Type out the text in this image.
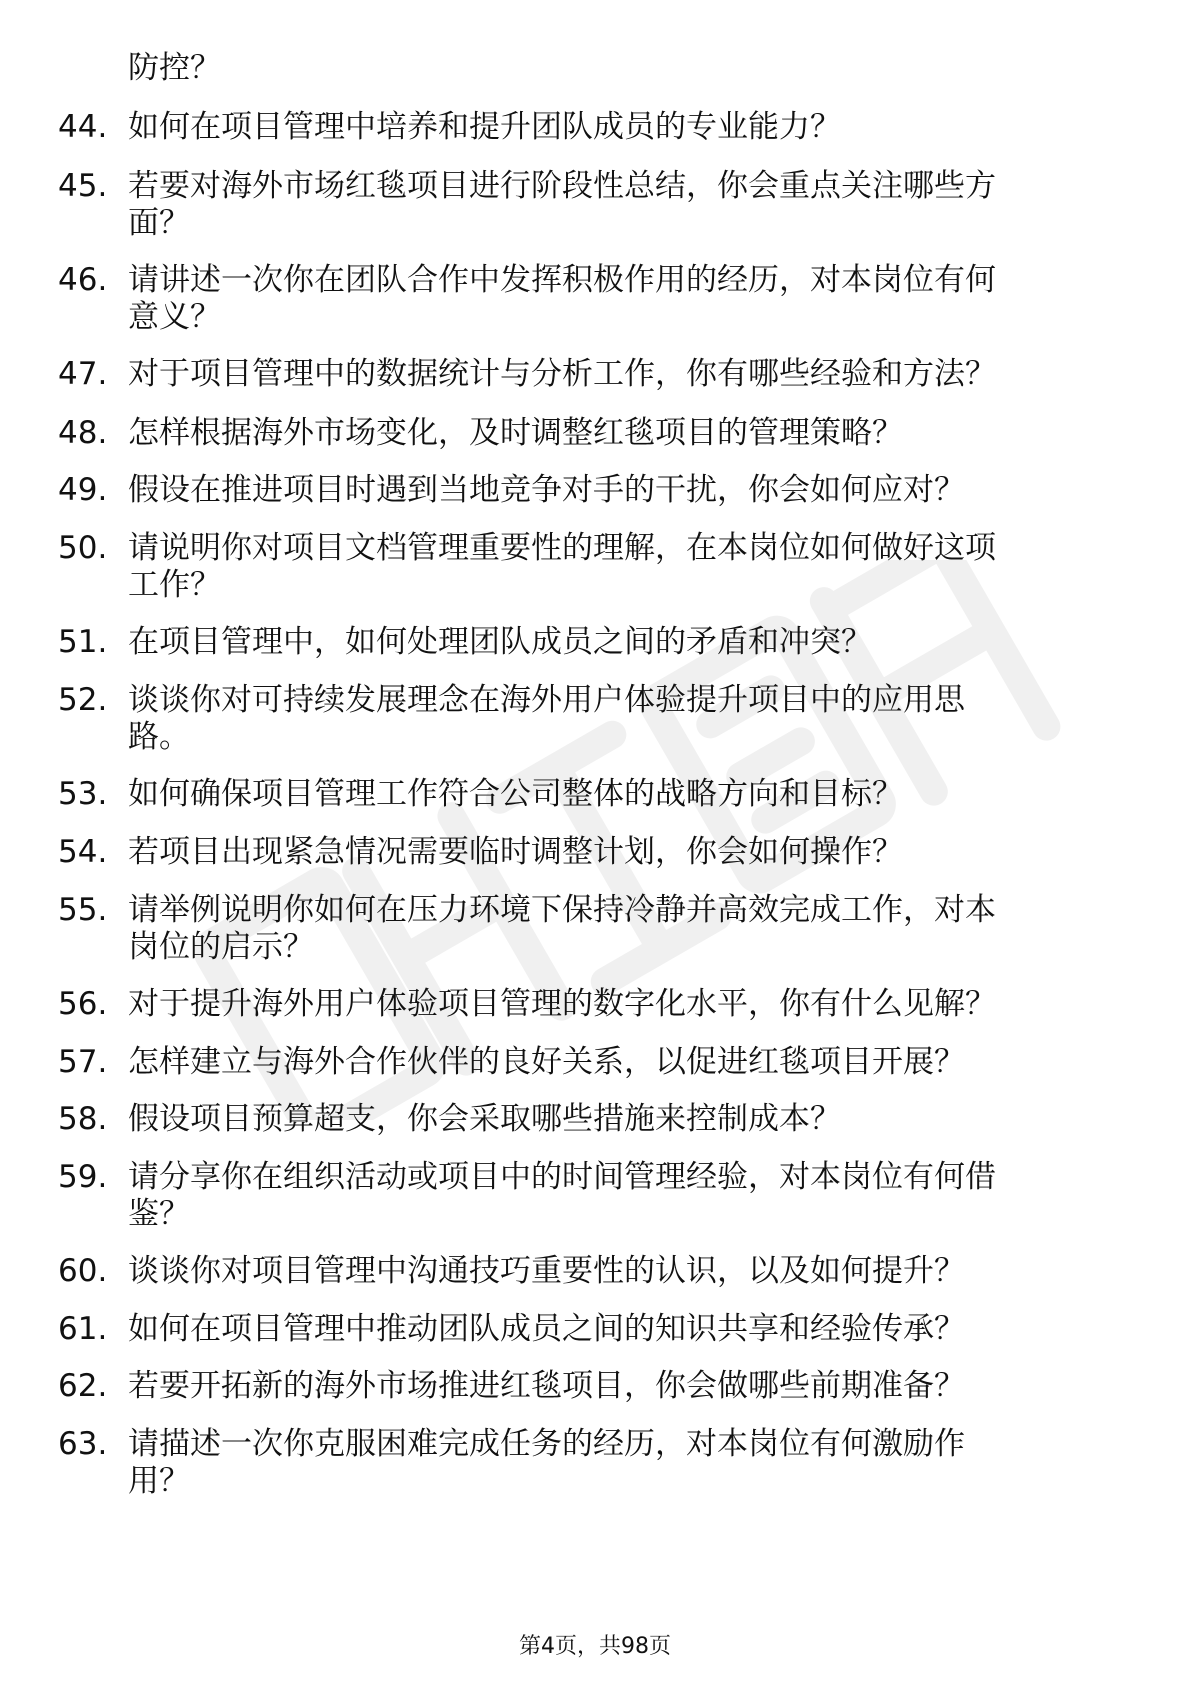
防控？
44. 如何在项目管理中培养和提升团队成员的专业能力？
45. 若要对海外市场红毯项目进行阶段性总结，你会重点关注哪些方
面？
46. 请讲述一次你在团队合作中发挥积极作用的经历，对本岗位有何
意义？
47. 对于项目管理中的数据统计与分析工作，你有哪些经验和方法？
48. 怎样根据海外市场变化，及时调整红毯项目的管理策略？
49. 假设在推进项目时遇到当地竞争对手的干扰，你会如何应对？
50. 请说明你对项目文档管理重要性的理解，在本岗位如何做好这项
工作？
51. 在项目管理中，如何处理团队成员之间的矛盾和冲突？
52. 谈谈你对可持续发展理念在海外用户体验提升项目中的应用思
路。
53. 如何确保项目管理工作符合公司整体的战略方向和目标？
54. 若项目出现紧急情况需要临时调整计划，你会如何操作？
55. 请举例说明你如何在压力环境下保持冷静并高效完成工作，对本
岗位的启示？
56. 对于提升海外用户体验项目管理的数字化水平，你有什么见解？
57. 怎样建立与海外合作伙伴的良好关系，以促进红毯项目开展？
58. 假设项目预算超支，你会采取哪些措施来控制成本？
59. 请分享你在组织活动或项目中的时间管理经验，对本岗位有何借
鉴？
60. 谈谈你对项目管理中沟通技巧重要性的认识，以及如何提升？
61. 如何在项目管理中推动团队成员之间的知识共享和经验传承？
62. 若要开拓新的海外市场推进红毯项目，你会做哪些前期准备？
63. 请描述一次你克服困难完成任务的经历，对本岗位有何激励作
用？
第4页，共98页
